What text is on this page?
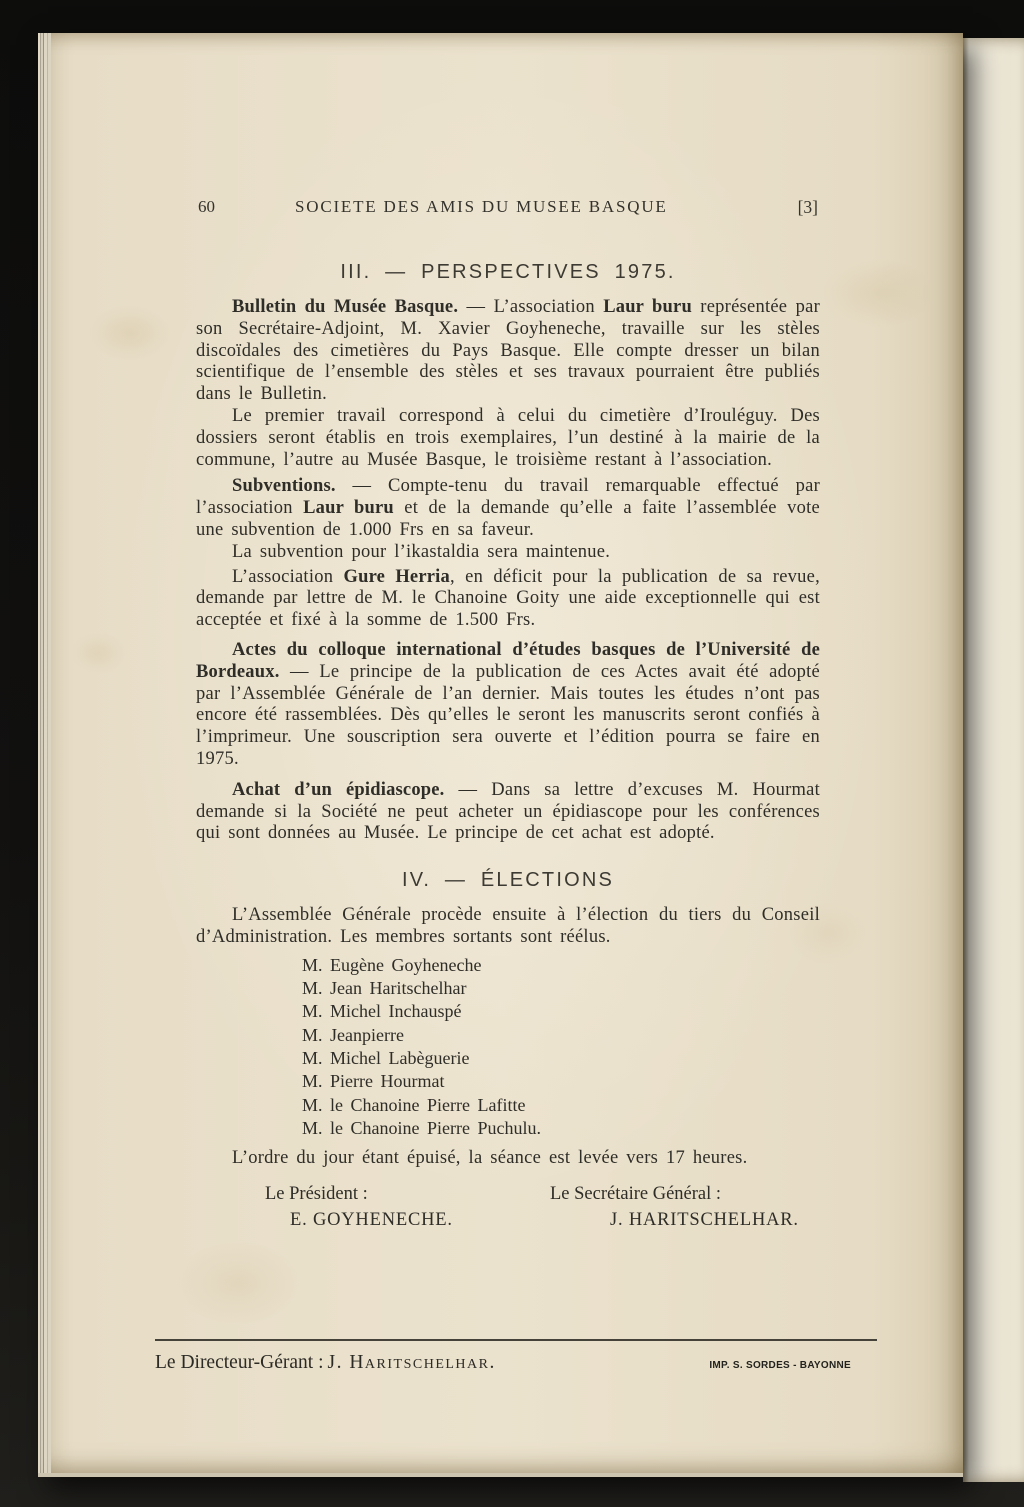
60	SOCIETE DES AMIS DU MUSEE BASQUE	[3]
III. — PERSPECTIVES 1975.

Bulletin du Musée Basque. — L’association Laur buru représentée par son Secrétaire-Adjoint, M. Xavier Goyheneche, travaille sur les stèles discoïdales des cimetières du Pays Basque. Elle compte dresser un bilan scientifique de l’ensemble des stèles et ses travaux pourraient être publiés dans le Bulletin.

Le premier travail correspond à celui du cimetière d’Irouléguy. Des dossiers seront établis en trois exemplaires, l’un destiné à la mairie de la commune, l’autre au Musée Basque, le troisième restant à l’association.

Subventions. — Compte-tenu du travail remarquable effectué par l’association Laur buru et de la demande qu’elle a faite l’assemblée vote une subvention de 1.000 Frs en sa faveur.

La subvention pour l’ikastaldia sera maintenue.

L’association Gure Herria, en déficit pour la publication de sa revue, demande par lettre de M. le Chanoine Goity une aide exceptionnelle qui est acceptée et fixé à la somme de 1.500 Frs.

Actes du colloque international d’études basques de l’Université de Bordeaux. — Le principe de la publication de ces Actes avait été adopté par l’Assemblée Générale de l’an dernier. Mais toutes les études n’ont pas encore été rassemblées. Dès qu’elles le seront les manuscrits seront confiés à l’imprimeur. Une souscription sera ouverte et l’édition pourra se faire en 1975.

Achat d’un épidiascope. — Dans sa lettre d’excuses M. Hourmat demande si la Société ne peut acheter un épidiascope pour les conférences qui sont données au Musée. Le principe de cet achat est adopté.

IV. — ÉLECTIONS

L’Assemblée Générale procède ensuite à l’élection du tiers du Conseil d’Administration. Les membres sortants sont réélus.

M. Eugène Goyheneche
M. Jean Haritschelhar
M. Michel Inchauspé
M. Jeanpierre
M. Michel Labèguerie
M. Pierre Hourmat
M. le Chanoine Pierre Lafitte
M. le Chanoine Pierre Puchulu.

L’ordre du jour étant épuisé, la séance est levée vers 17 heures.

Le Président :
E. GOYHENECHE.
Le Secrétaire Général :
J. HARITSCHELHAR.
Le Directeur-Gérant : J. Haritschelhar.	IMP. S. SORDES - BAYONNE
